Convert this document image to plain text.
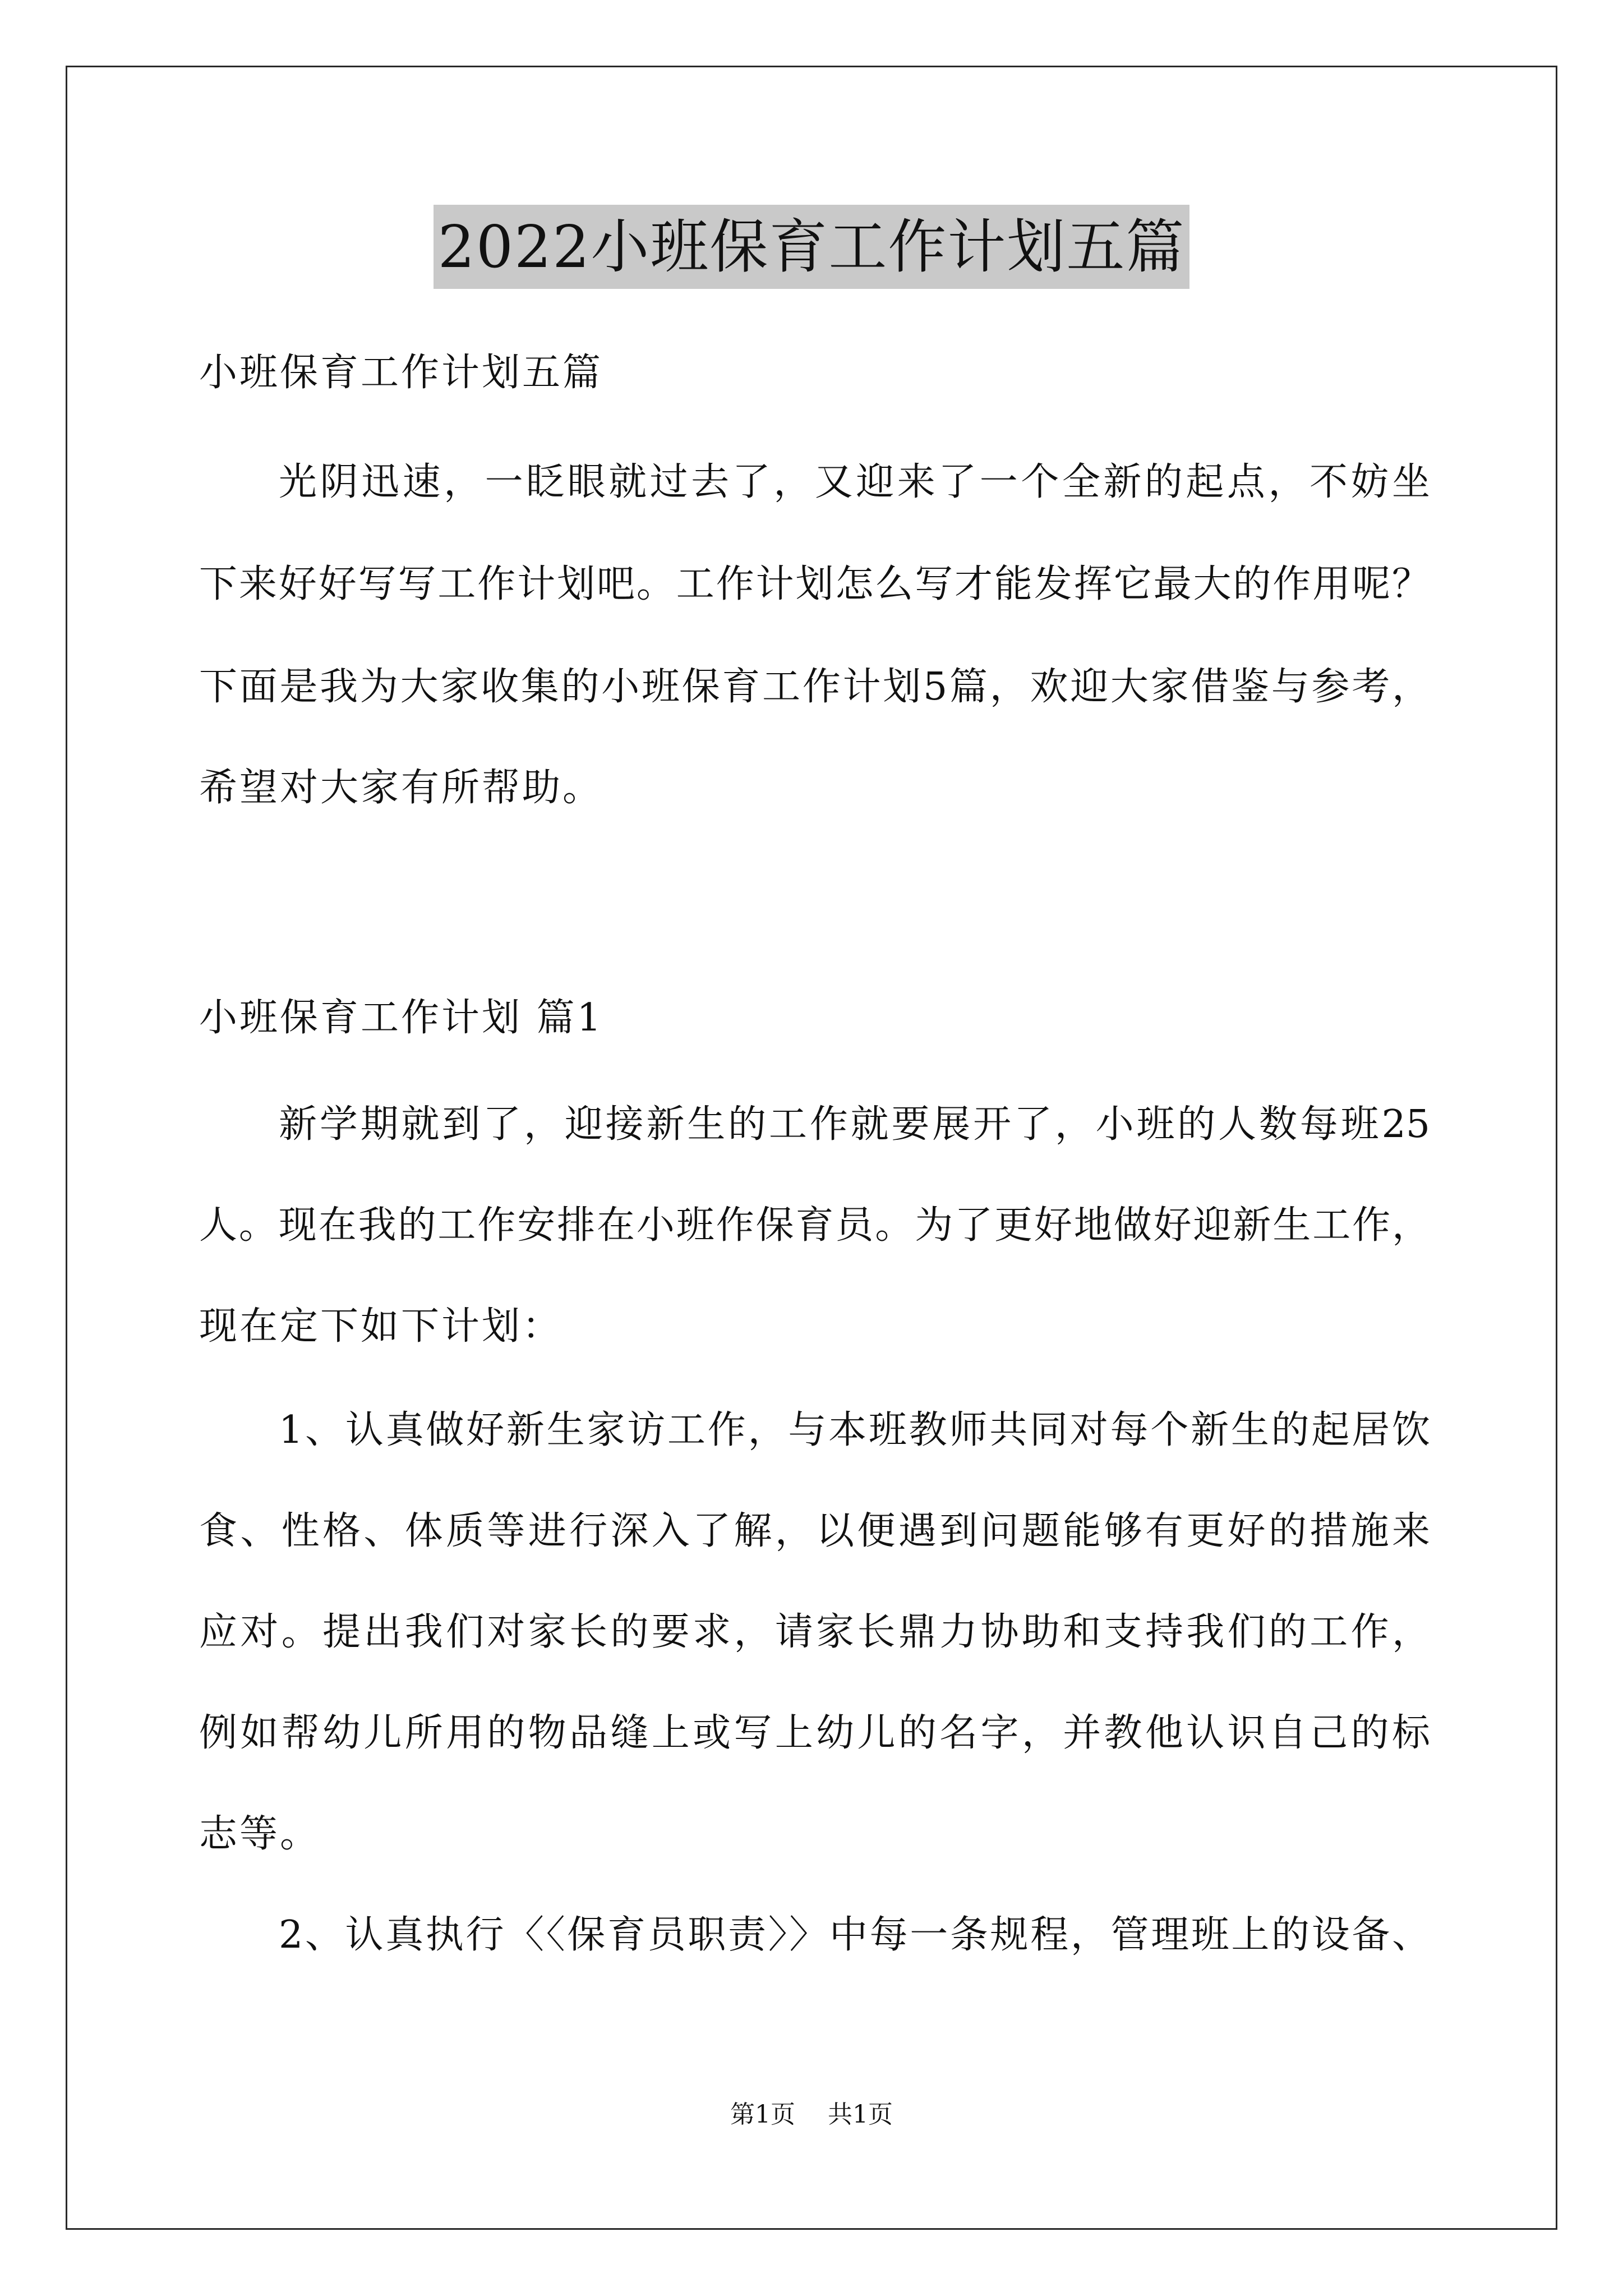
2022小班保育工作计划五篇
小班保育工作计划五篇
光阴迅速，一眨眼就过去了，又迎来了一个全新的起点，不妨坐
下来好好写写工作计划吧。工作计划怎么写才能发挥它最大的作用呢？
下面是我为大家收集的小班保育工作计划5篇，欢迎大家借鉴与参考，
希望对大家有所帮助。
小班保育工作计划 篇1
新学期就到了，迎接新生的工作就要展开了，小班的人数每班25
人。现在我的工作安排在小班作保育员。为了更好地做好迎新生工作，
现在定下如下计划：
1、认真做好新生家访工作，与本班教师共同对每个新生的起居饮
食、性格、体质等进行深入了解，以便遇到问题能够有更好的措施来
应对。提出我们对家长的要求，请家长鼎力协助和支持我们的工作，
例如帮幼儿所用的物品缝上或写上幼儿的名字，并教他认识自己的标
志等。
2、认真执行〈〈保育员职责〉〉中每一条规程，管理班上的设备、
第1页 共1页
